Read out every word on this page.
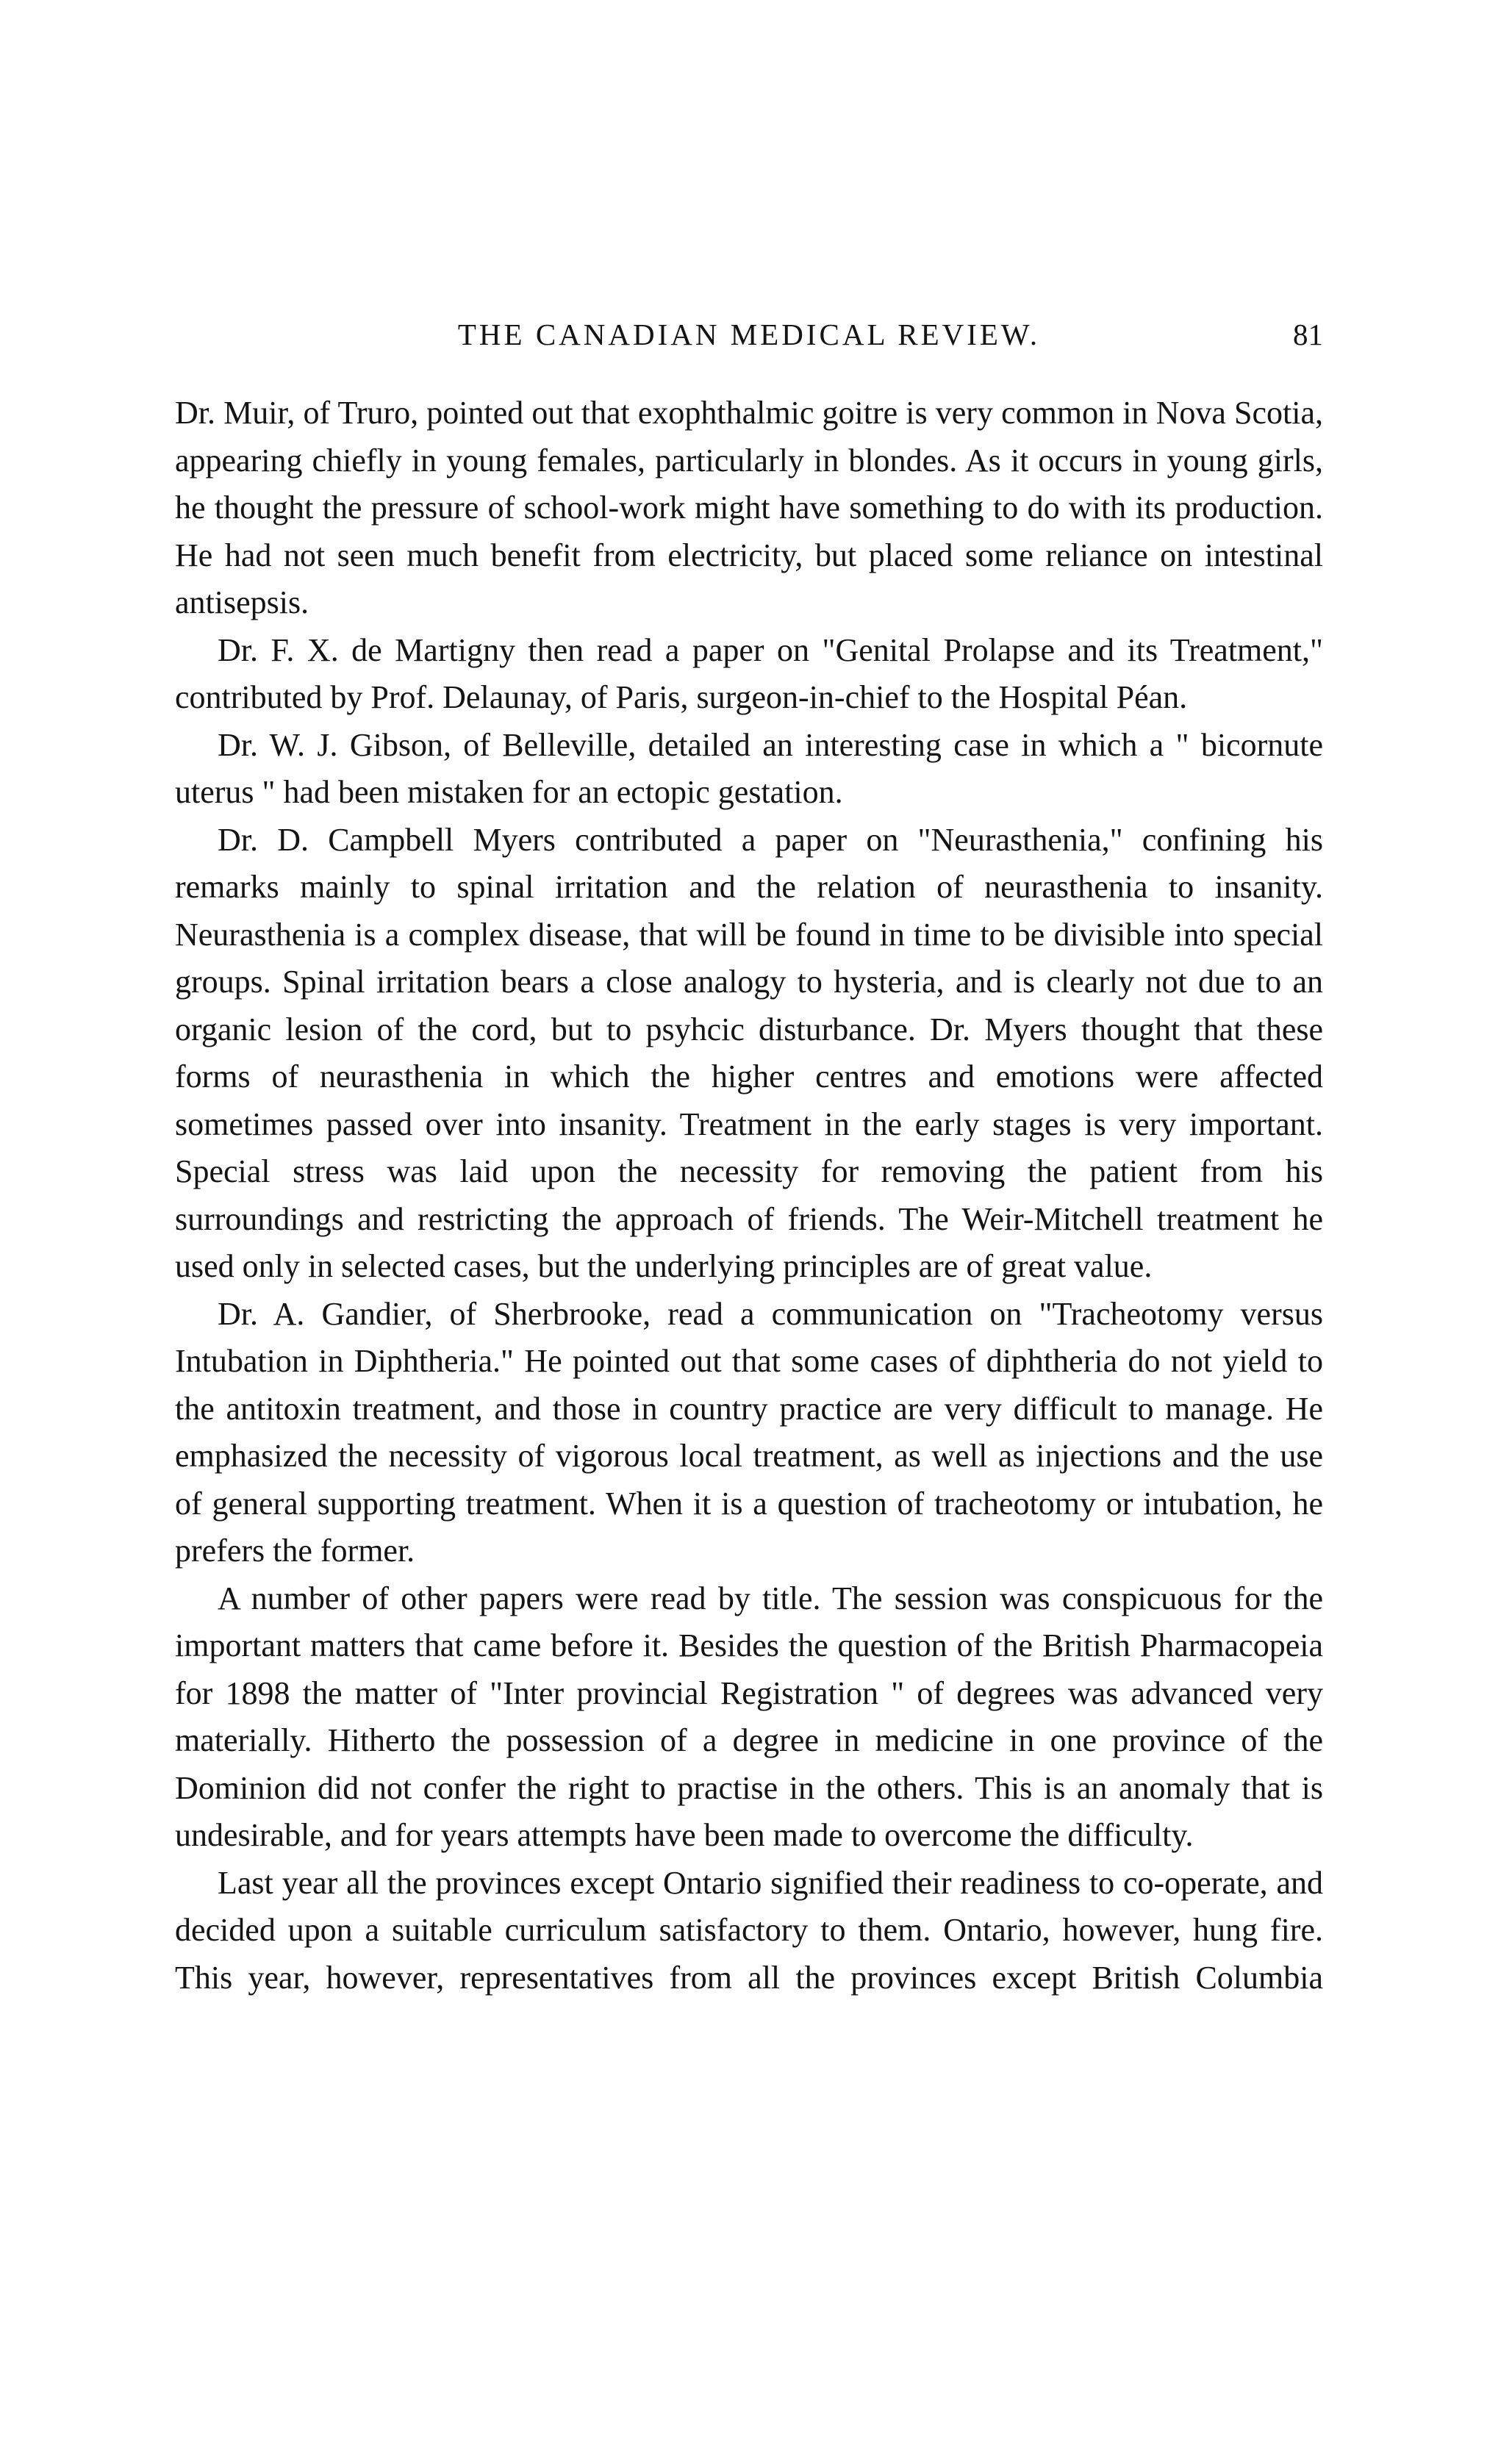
THE CANADIAN MEDICAL REVIEW.	81

Dr. Muir, of Truro, pointed out that exophthalmic goitre is very common in Nova Scotia, appearing chiefly in young females, particularly in blondes. As it occurs in young girls, he thought the pressure of school-work might have something to do with its production. He had not seen much benefit from electricity, but placed some reliance on intestinal antisepsis.

Dr. F. X. de Martigny then read a paper on "Genital Prolapse and its Treatment," contributed by Prof. Delaunay, of Paris, surgeon-in-chief to the Hospital Péan.

Dr. W. J. Gibson, of Belleville, detailed an interesting case in which a " bicornute uterus " had been mistaken for an ectopic gestation.

Dr. D. Campbell Myers contributed a paper on "Neurasthenia," confining his remarks mainly to spinal irritation and the relation of neurasthenia to insanity. Neurasthenia is a complex disease, that will be found in time to be divisible into special groups. Spinal irritation bears a close analogy to hysteria, and is clearly not due to an organic lesion of the cord, but to psyhcic disturbance. Dr. Myers thought that these forms of neurasthenia in which the higher centres and emotions were affected sometimes passed over into insanity. Treatment in the early stages is very important. Special stress was laid upon the necessity for removing the patient from his surroundings and restricting the approach of friends. The Weir-Mitchell treatment he used only in selected cases, but the underlying principles are of great value.

Dr. A. Gandier, of Sherbrooke, read a communication on "Tracheotomy versus Intubation in Diphtheria." He pointed out that some cases of diphtheria do not yield to the antitoxin treatment, and those in country practice are very difficult to manage. He emphasized the necessity of vigorous local treatment, as well as injections and the use of general supporting treatment. When it is a question of tracheotomy or intubation, he prefers the former.

A number of other papers were read by title. The session was conspicuous for the important matters that came before it. Besides the question of the British Pharmacopeia for 1898 the matter of "Inter provincial Registration " of degrees was advanced very materially. Hitherto the possession of a degree in medicine in one province of the Dominion did not confer the right to practise in the others. This is an anomaly that is undesirable, and for years attempts have been made to overcome the difficulty.

Last year all the provinces except Ontario signified their readiness to co-operate, and decided upon a suitable curriculum satisfactory to them. Ontario, however, hung fire. This year, however, representatives from all the provinces except British Columbia
